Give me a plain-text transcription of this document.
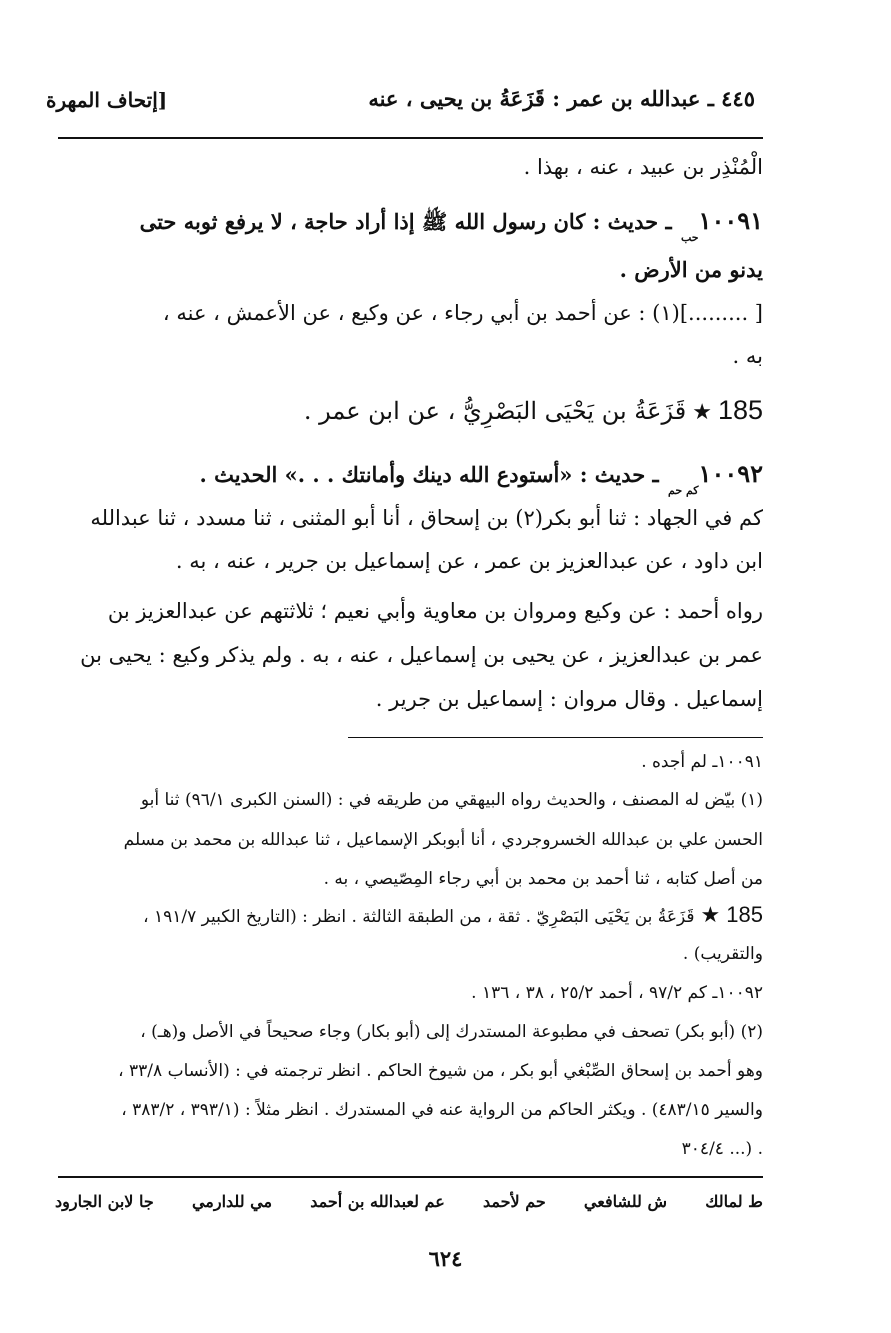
٤٤٥ ـ عبدالله بن عمر : قَزَعَةُ بن يحيى ، عنه
[إتحاف المهرة
الْمُنْذِر بن عبيد ، عنه ، بهذا .
$١٠٠٩١_{حب}$ ـ حديث : كان رسول الله ﷺ إذا أراد حاجة ، لا يرفع ثوبه حتى
يدنو من الأرض .
[ .........](١) : عن أحمد بن أبي رجاء ، عن وكيع ، عن الأعمش ، عنه ،
به .
185★قَزَعَةُ بن يَحْيَى البَصْرِيُّ ، عن ابن عمر .
$١٠٠٩٢_{كم حم}$ ـ حديث : «أستودع الله دينك وأمانتك . . .» الحديث .
كم في الجهاد : ثنا أبو بكر(٢) بن إسحاق ، أنا أبو المثنى ، ثنا مسدد ، ثنا عبدالله
ابن داود ، عن عبدالعزيز بن عمر ، عن إسماعيل بن جرير ، عنه ، به .
رواه أحمد : عن وكيع ومروان بن معاوية وأبي نعيم ؛ ثلاثتهم عن عبدالعزيز بن
عمر بن عبدالعزيز ، عن يحيى بن إسماعيل ، عنه ، به . ولم يذكر وكيع : يحيى بن
إسماعيل . وقال مروان : إسماعيل بن جرير .
١٠٠٩١ـ لم أجده .
(١) بيّض له المصنف ، والحديث رواه البيهقي من طريقه في : (السنن الكبرى ٩٦/١) ثنا أبو
الحسن علي بن عبدالله الخسروجردي ، أنا أبوبكر الإسماعيل ، ثنا عبدالله بن محمد بن مسلم
من أصل كتابه ، ثنا أحمد بن محمد بن أبي رجاء المِصّيصي ، به .
185★قَزَعَةُ بن يَحْيَى البَصْرِيّ . ثقة ، من الطبقة الثالثة . انظر : (التاريخ الكبير ١٩١/٧ ،
والتقريب) .
١٠٠٩٢ـ كم ٩٧/٢ ، أحمد ٢٥/٢ ، ٣٨ ، ١٣٦ .
(٢) (أبو بكر) تصحف في مطبوعة المستدرك إلى (أبو بكار) وجاء صحيحاً في الأصل و(هـ) ،
وهو أحمد بن إسحاق الصِّبْغي أبو بكر ، من شيوخ الحاكم . انظر ترجمته في : (الأنساب ٣٣/٨ ،
والسير ٤٨٣/١٥) . ويكثر الحاكم من الرواية عنه في المستدرك . انظر مثلاً : (٣٩٣/١ ، ٣٨٣/٢ ،
٣٠٤/٤ ...) .
ط لمالك
ش للشافعي
حم لأحمد
عم لعبدالله بن أحمد
مي للدارمي
جا لابن الجارود
٦٢٤
